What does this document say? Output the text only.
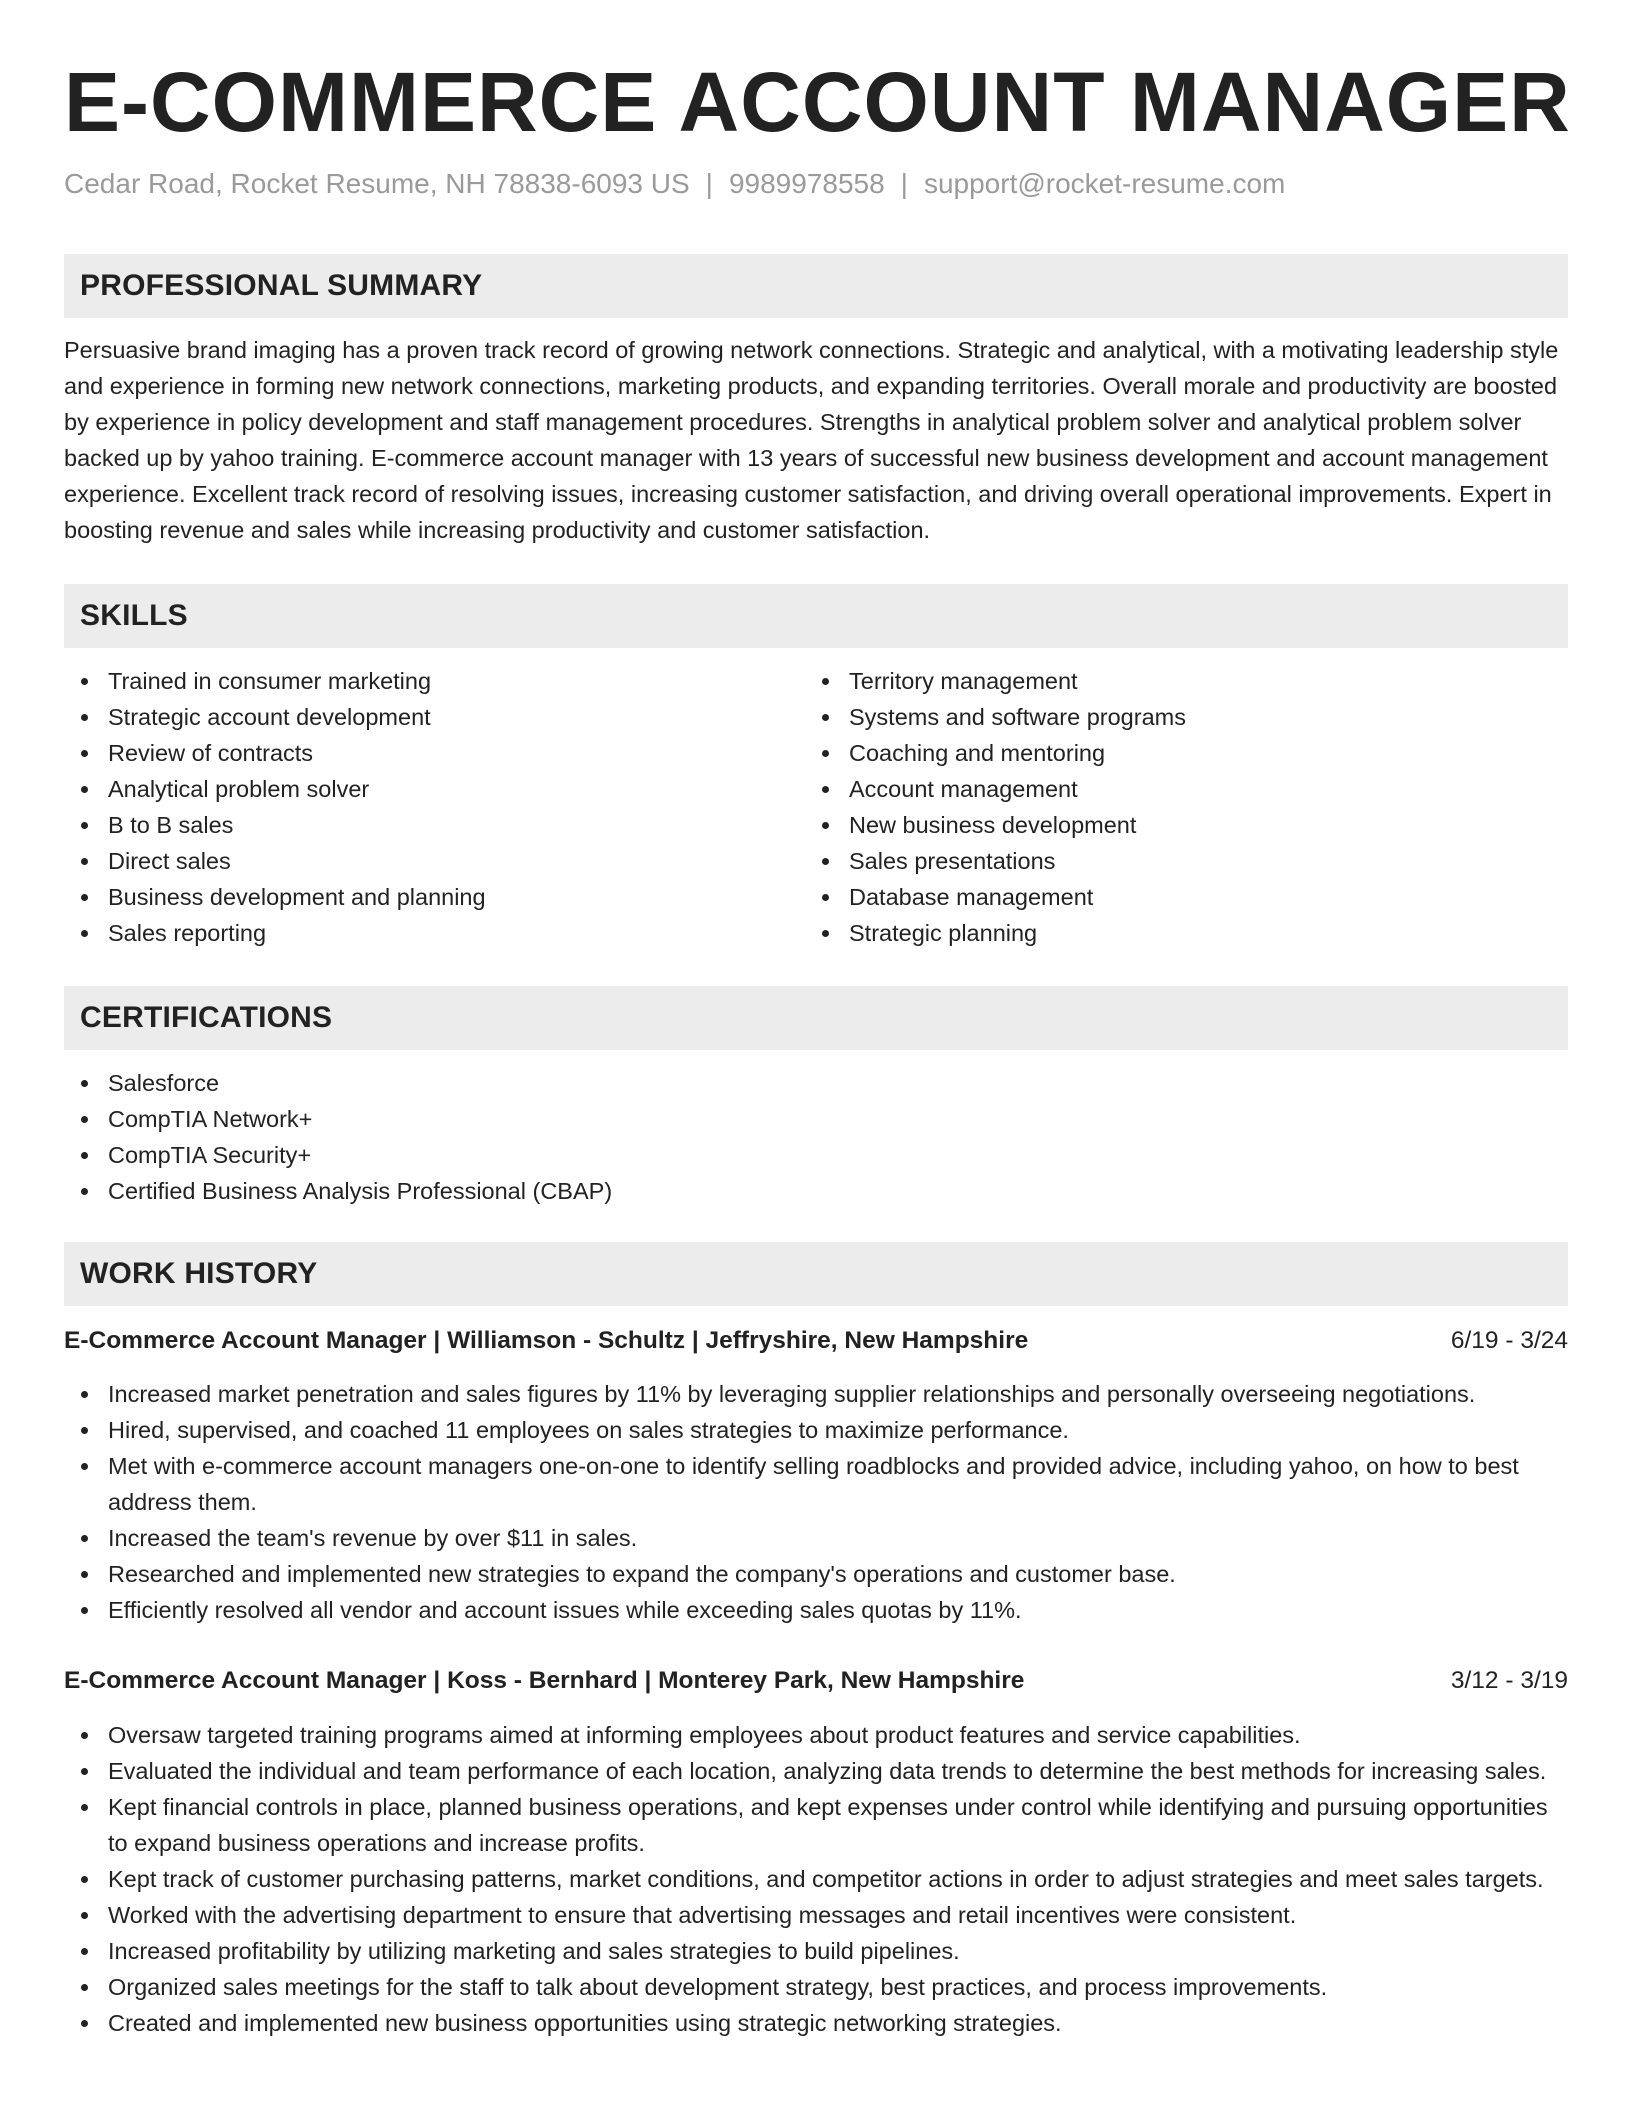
E-COMMERCE ACCOUNT MANAGER
Cedar Road, Rocket Resume, NH 78838-6093 US | 9989978558 | support@rocket-resume.com
PROFESSIONAL SUMMARY

Persuasive brand imaging has a proven track record of growing network connections. Strategic and analytical, with a motivating leadership style and experience in forming new network connections, marketing products, and expanding territories. Overall morale and productivity are boosted by experience in policy development and staff management procedures. Strengths in analytical problem solver and analytical problem solver backed up by yahoo training. E-commerce account manager with 13 years of successful new business development and account management experience. Excellent track record of resolving issues, increasing customer satisfaction, and driving overall operational improvements. Expert in boosting revenue and sales while increasing productivity and customer satisfaction.

SKILLS
Trained in consumer marketing
Strategic account development
Review of contracts
Analytical problem solver
B to B sales
Direct sales
Business development and planning
Sales reporting
Territory management
Systems and software programs
Coaching and mentoring
Account management
New business development
Sales presentations
Database management
Strategic planning
CERTIFICATIONS
Salesforce
CompTIA Network+
CompTIA Security+
Certified Business Analysis Professional (CBAP)
WORK HISTORY
E-Commerce Account Manager | Williamson - Schultz | Jeffryshire, New Hampshire	6/19 - 3/24
Increased market penetration and sales figures by 11% by leveraging supplier relationships and personally overseeing negotiations.
Hired, supervised, and coached 11 employees on sales strategies to maximize performance.
Met with e-commerce account managers one-on-one to identify selling roadblocks and provided advice, including yahoo, on how to best address them.
Increased the team's revenue by over $11 in sales.
Researched and implemented new strategies to expand the company's operations and customer base.
Efficiently resolved all vendor and account issues while exceeding sales quotas by 11%.
E-Commerce Account Manager | Koss - Bernhard | Monterey Park, New Hampshire	3/12 - 3/19
Oversaw targeted training programs aimed at informing employees about product features and service capabilities.
Evaluated the individual and team performance of each location, analyzing data trends to determine the best methods for increasing sales.
Kept financial controls in place, planned business operations, and kept expenses under control while identifying and pursuing opportunities to expand business operations and increase profits.
Kept track of customer purchasing patterns, market conditions, and competitor actions in order to adjust strategies and meet sales targets.
Worked with the advertising department to ensure that advertising messages and retail incentives were consistent.
Increased profitability by utilizing marketing and sales strategies to build pipelines.
Organized sales meetings for the staff to talk about development strategy, best practices, and process improvements.
Created and implemented new business opportunities using strategic networking strategies.
